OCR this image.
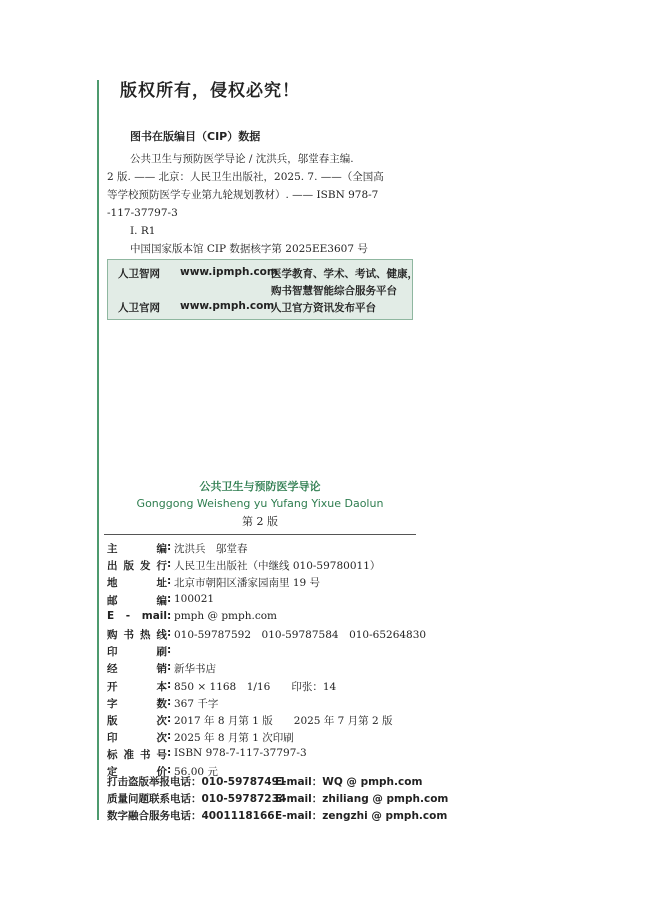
版权所有，侵权必究！
图书在版编目（CIP）数据
公共卫生与预防医学导论 / 沈洪兵，邬堂春主编.
2 版. —— 北京：人民卫生出版社，2025. 7. ——（全国高
等学校预防医学专业第九轮规划教材）. —— ISBN 978-7
-117-37797-3
Ⅰ. R1
中国国家版本馆 CIP 数据核字第 2025EE3607 号
人卫智网 www.ipmph.com
医学教育、学术、考试、健康，
购书智慧智能综合服务平台
人卫官网 www.pmph.com
人卫官方资讯发布平台
公共卫生与预防医学导论
Gonggong Weisheng yu Yufang Yixue Daolun
第 2 版
主编 : 沈洪兵　邬堂春
出版发行 : 人民卫生出版社（中继线 010-59780011）
地址 : 北京市朝阳区潘家园南里 19 号
邮编 : 100021
E - mail : pmph @ pmph.com
购书热线 : 010-59787592　010-59787584　010-65264830
印刷 :
经销 : 新华书店
开本 : 850 × 1168　1/16　　印张：14
字数 : 367 千字
版次 : 2017 年 8 月第 1 版　　2025 年 7 月第 2 版
印次 : 2025 年 8 月第 1 次印刷
标准书号 : ISBN 978-7-117-37797-3
定价 : 56.00 元
打击盗版举报电话：010-59787491
E-mail：WQ @ pmph.com
质量问题联系电话：010-59787234
E-mail：zhiliang @ pmph.com
数字融合服务电话：4001118166 E-mail：zengzhi @ pmph.com
